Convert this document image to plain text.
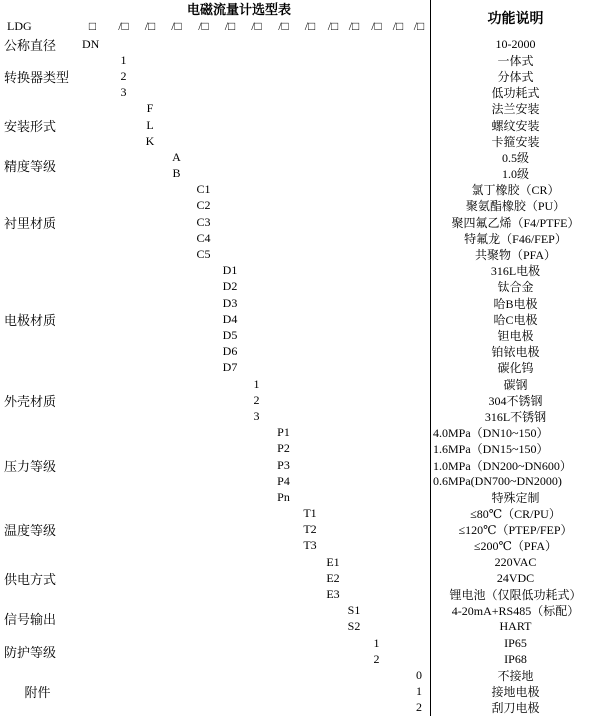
电磁流量计选型表
功能说明
LDG	□	/□	/□	/□	/□	/□	/□	/□	/□	/□ /□ /□ /□ /□
公称直径	DN	10-2000
转换器类型
1	一体式
2	分体式
3	低功耗式
安装形式
F	法兰安装
L	螺纹安装
K	卡箍安装
精度等级
A	0.5级
B	1.0级
衬里材质
C1	氯丁橡胶（CR）
C2	聚氨酯橡胶（PU）
C3	聚四氟乙烯（F4/PTFE）
C4	特氟龙（F46/FEP）
C5	共聚物（PFA）
电极材质
D1	316L电极
D2	钛合金
D3	哈B电极
D4	哈C电极
D5	钽电极
D6	铂铱电极
D7	碳化钨
外壳材质
1	碳钢
2	304不锈钢
3	316L不锈钢
压力等级
P1	4.0MPa（DN10~150）
P2	1.6MPa（DN15~150）
P3	1.0MPa（DN200~DN600）
P4	0.6MPa(DN700~DN2000)
Pn	特殊定制
温度等级
T1	≤80℃（CR/PU）
T2	≤120℃（PTEP/FEP）
T3	≤200℃（PFA）
供电方式
E1	220VAC
E2	24VDC
E3	锂电池（仅限低功耗式）
信号输出
S1	4-20mA+RS485（标配）
S2	HART
防护等级
1	IP65
2	IP68
附件
0	不接地
1	接地电极
2	刮刀电极
